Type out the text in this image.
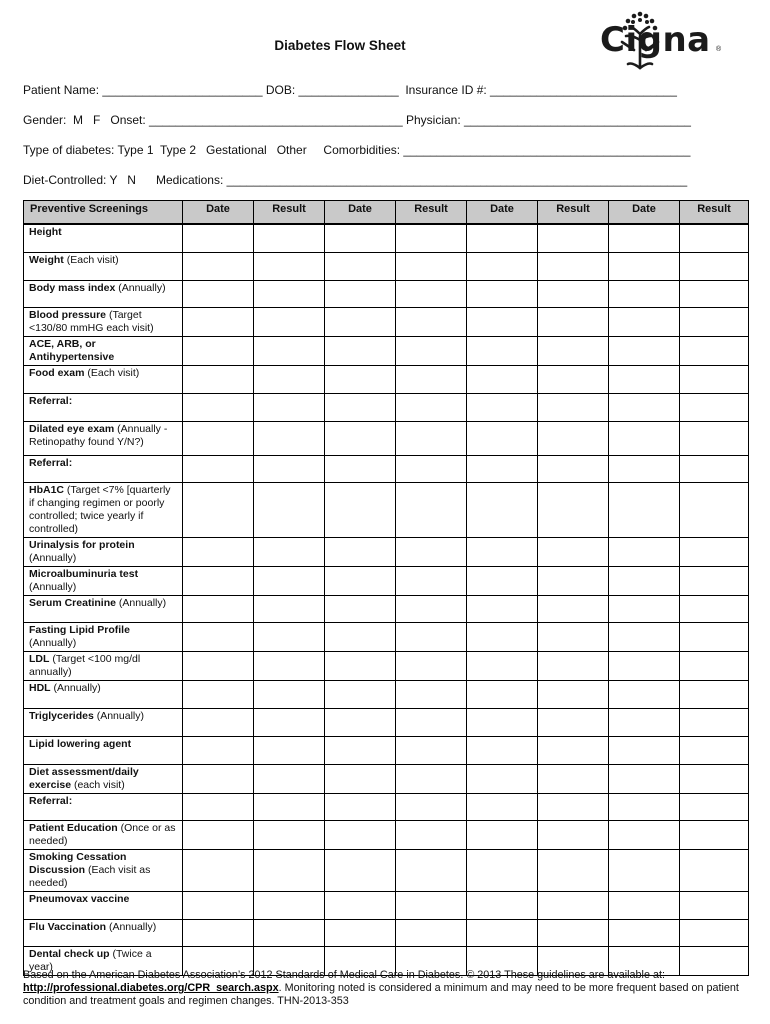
Diabetes Flow Sheet	Cigna ®
Patient Name: ________________________ DOB: _______________  Insurance ID #: ____________________________
Gender:  M   F   Onset: ______________________________________ Physician: __________________________________
Type of diabetes: Type 1  Type 2   Gestational   Other     Comorbidities: ___________________________________________
Diet-Controlled: Y   N      Medications: _____________________________________________________________________
Preventive Screenings	Date	Result	Date	Result	Date	Result	Date	Result
Height								
Weight (Each visit)								
Body mass index (Annually)								
Blood pressure (Target <130/80 mmHG each visit)								
ACE, ARB, or Antihypertensive								
Food exam (Each visit)								
Referral:								
Dilated eye exam (Annually - Retinopathy found Y/N?)								
Referral:								
HbA1C (Target <7% [quarterly if changing regimen or poorly controlled; twice yearly if controlled)								
Urinalysis for protein (Annually)								
Microalbuminuria test (Annually)								
Serum Creatinine (Annually)								
Fasting Lipid Profile (Annually)								
LDL (Target <100 mg/dl annually)								
HDL (Annually)								
Triglycerides (Annually)								
Lipid lowering agent								
Diet assessment/daily exercise (each visit)								
Referral:								
Patient Education (Once or as needed)								
Smoking Cessation Discussion (Each visit as needed)								
Pneumovax vaccine								
Flu Vaccination (Annually)								
Dental check up (Twice a year)								
Based on the American Diabetes Association’s 2012 Standards of Medical Care in Diabetes. © 2013 These guidelines are available at: http://professional.diabetes.org/CPR_search.aspx. Monitoring noted is considered a minimum and may need to be more frequent based on patient condition and treatment goals and regimen changes. THN-2013-353
